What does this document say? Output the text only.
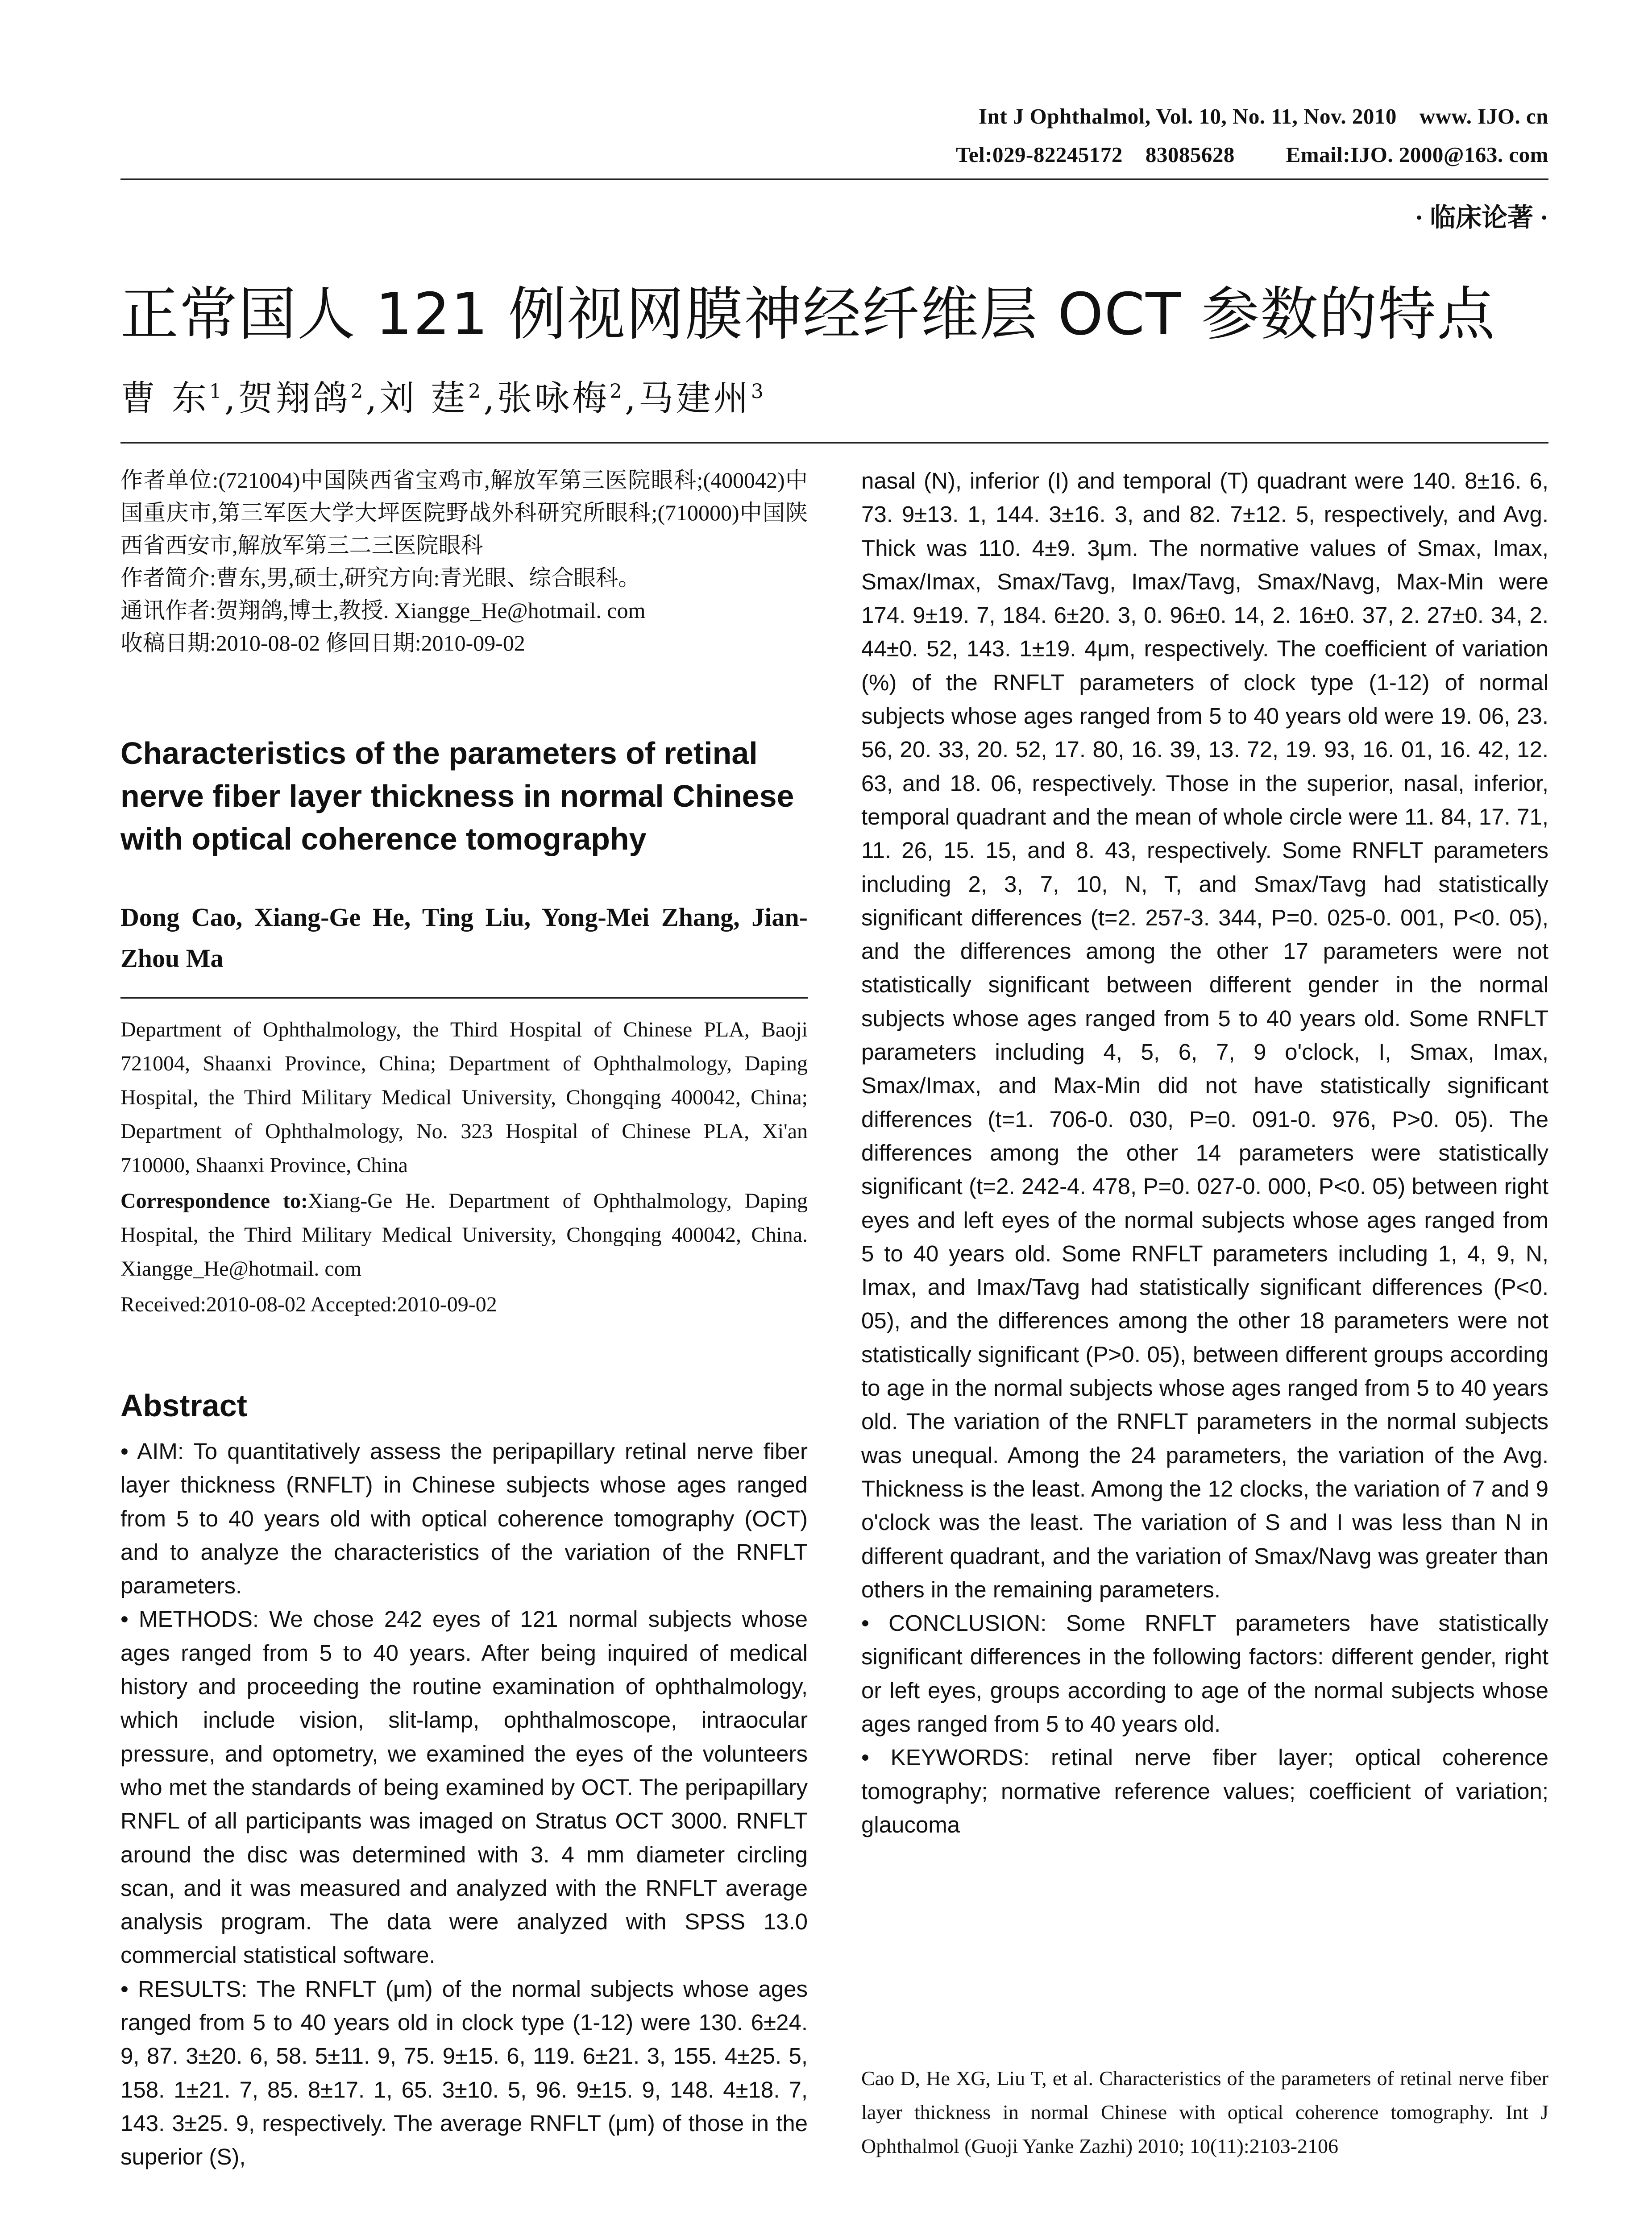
Int J Ophthalmol, Vol. 10, No. 11, Nov. 2010    www. IJO. cn
Tel:029-82245172    83085628         Email:IJO. 2000@163. com
· 临床论著 ·
正常国人 121 例视网膜神经纤维层 OCT 参数的特点
曹 东$^1$,贺翔鸽$^2$,刘 莛$^2$,张咏梅$^2$,马建州$^3$

作者单位:(721004)中国陕西省宝鸡市,解放军第三医院眼科;(400042)中国重庆市,第三军医大学大坪医院野战外科研究所眼科;(710000)中国陕西省西安市,解放军第三二三医院眼科

作者简介:曹东,男,硕士,研究方向:青光眼、综合眼科。

通讯作者:贺翔鸽,博士,教授. Xiangge_He@hotmail. com

收稿日期:2010-08-02 修回日期:2010-09-02

Characteristics of the parameters of retinal nerve fiber layer thickness in normal Chinese with optical coherence tomography
Dong Cao, Xiang-Ge He, Ting Liu, Yong-Mei Zhang, Jian-Zhou Ma

Department of Ophthalmology, the Third Hospital of Chinese PLA, Baoji 721004, Shaanxi Province, China; Department of Ophthalmology, Daping Hospital, the Third Military Medical University, Chongqing 400042, China; Department of Ophthalmology, No. 323 Hospital of Chinese PLA, Xi'an 710000, Shaanxi Province, China

Correspondence to:Xiang-Ge He. Department of Ophthalmology, Daping Hospital, the Third Military Medical University, Chongqing 400042, China. Xiangge_He@hotmail. com

Received:2010-08-02 Accepted:2010-09-02

Abstract

• AIM: To quantitatively assess the peripapillary retinal nerve fiber layer thickness (RNFLT) in Chinese subjects whose ages ranged from 5 to 40 years old with optical coherence tomography (OCT) and to analyze the characteristics of the variation of the RNFLT parameters.

• METHODS: We chose 242 eyes of 121 normal subjects whose ages ranged from 5 to 40 years. After being inquired of medical history and proceeding the routine examination of ophthalmology, which include vision, slit-lamp, ophthalmoscope, intraocular pressure, and optometry, we examined the eyes of the volunteers who met the standards of being examined by OCT. The peripapillary RNFL of all participants was imaged on Stratus OCT 3000. RNFLT around the disc was determined with 3. 4 mm diameter circling scan, and it was measured and analyzed with the RNFLT average analysis program. The data were analyzed with SPSS 13.0 commercial statistical software.

• RESULTS: The RNFLT (μm) of the normal subjects whose ages ranged from 5 to 40 years old in clock type (1-12) were 130. 6±24. 9, 87. 3±20. 6, 58. 5±11. 9, 75. 9±15. 6, 119. 6±21. 3, 155. 4±25. 5, 158. 1±21. 7, 85. 8±17. 1, 65. 3±10. 5, 96. 9±15. 9, 148. 4±18. 7, 143. 3±25. 9, respectively. The average RNFLT (μm) of those in the superior (S),

nasal (N), inferior (I) and temporal (T) quadrant were 140. 8±16. 6, 73. 9±13. 1, 144. 3±16. 3, and 82. 7±12. 5, respectively, and Avg. Thick was 110. 4±9. 3μm. The normative values of Smax, Imax, Smax/Imax, Smax/Tavg, Imax/Tavg, Smax/Navg, Max-Min were 174. 9±19. 7, 184. 6±20. 3, 0. 96±0. 14, 2. 16±0. 37, 2. 27±0. 34, 2. 44±0. 52, 143. 1±19. 4μm, respectively. The coefficient of variation (%) of the RNFLT parameters of clock type (1-12) of normal subjects whose ages ranged from 5 to 40 years old were 19. 06, 23. 56, 20. 33, 20. 52, 17. 80, 16. 39, 13. 72, 19. 93, 16. 01, 16. 42, 12. 63, and 18. 06, respectively. Those in the superior, nasal, inferior, temporal quadrant and the mean of whole circle were 11. 84, 17. 71, 11. 26, 15. 15, and 8. 43, respectively. Some RNFLT parameters including 2, 3, 7, 10, N, T, and Smax/Tavg had statistically significant differences (t=2. 257-3. 344, P=0. 025-0. 001, P<0. 05), and the differences among the other 17 parameters were not statistically significant between different gender in the normal subjects whose ages ranged from 5 to 40 years old. Some RNFLT parameters including 4, 5, 6, 7, 9 o'clock, I, Smax, Imax, Smax/Imax, and Max-Min did not have statistically significant differences (t=1. 706-0. 030, P=0. 091-0. 976, P>0. 05). The differences among the other 14 parameters were statistically significant (t=2. 242-4. 478, P=0. 027-0. 000, P<0. 05) between right eyes and left eyes of the normal subjects whose ages ranged from 5 to 40 years old. Some RNFLT parameters including 1, 4, 9, N, Imax, and Imax/Tavg had statistically significant differences (P<0. 05), and the differences among the other 18 parameters were not statistically significant (P>0. 05), between different groups according to age in the normal subjects whose ages ranged from 5 to 40 years old. The variation of the RNFLT parameters in the normal subjects was unequal. Among the 24 parameters, the variation of the Avg. Thickness is the least. Among the 12 clocks, the variation of 7 and 9 o'clock was the least. The variation of S and I was less than N in different quadrant, and the variation of Smax/Navg was greater than others in the remaining parameters.

• CONCLUSION: Some RNFLT parameters have statistically significant differences in the following factors: different gender, right or left eyes, groups according to age of the normal subjects whose ages ranged from 5 to 40 years old.

• KEYWORDS: retinal nerve fiber layer; optical coherence tomography; normative reference values; coefficient of variation; glaucoma

Cao D, He XG, Liu T, et al. Characteristics of the parameters of retinal nerve fiber layer thickness in normal Chinese with optical coherence tomography. Int J Ophthalmol (Guoji Yanke Zazhi) 2010; 10(11):2103-2106
